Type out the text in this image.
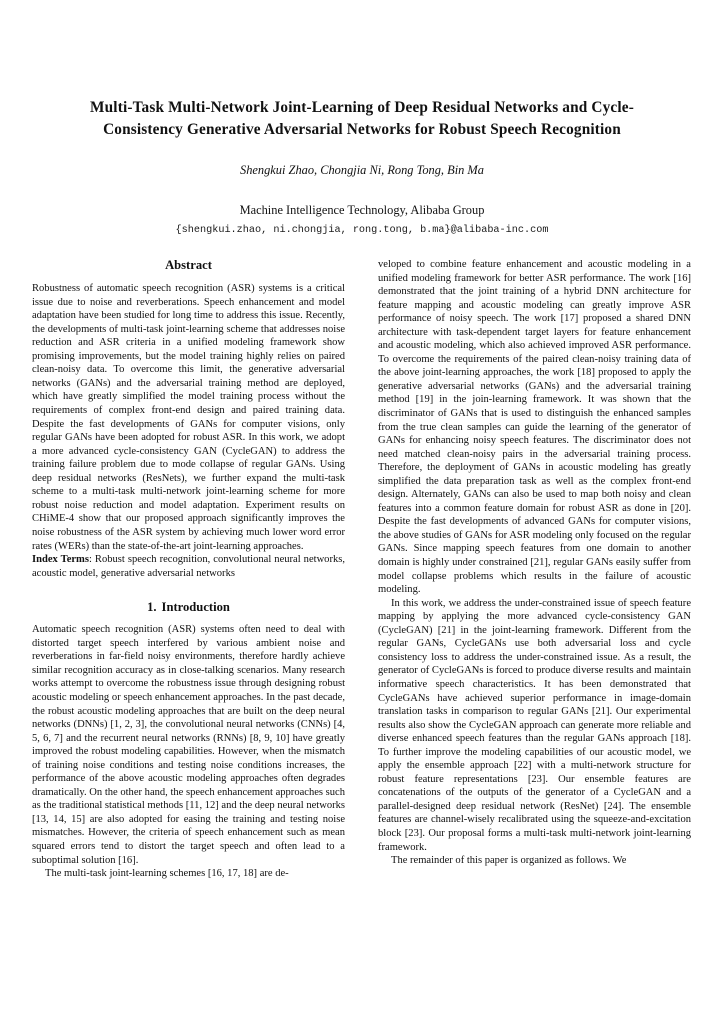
Multi-Task Multi-Network Joint-Learning of Deep Residual Networks and Cycle-Consistency Generative Adversarial Networks for Robust Speech Recognition
Shengkui Zhao, Chongjia Ni, Rong Tong, Bin Ma
Machine Intelligence Technology, Alibaba Group
{shengkui.zhao, ni.chongjia, rong.tong, b.ma}@alibaba-inc.com
Abstract

Robustness of automatic speech recognition (ASR) systems is a critical issue due to noise and reverberations. Speech enhancement and model adaptation have been studied for long time to address this issue. Recently, the developments of multi-task joint-learning scheme that addresses noise reduction and ASR criteria in a unified modeling framework show promising improvements, but the model training highly relies on paired clean-noisy data. To overcome this limit, the generative adversarial networks (GANs) and the adversarial training method are deployed, which have greatly simplified the model training process without the requirements of complex front-end design and paired training data. Despite the fast developments of GANs for computer visions, only regular GANs have been adopted for robust ASR. In this work, we adopt a more advanced cycle-consistency GAN (CycleGAN) to address the training failure problem due to mode collapse of regular GANs. Using deep residual networks (ResNets), we further expand the multi-task scheme to a multi-task multi-network joint-learning scheme for more robust noise reduction and model adaptation. Experiment results on CHiME-4 show that our proposed approach significantly improves the noise robustness of the ASR system by achieving much lower word error rates (WERs) than the state-of-the-art joint-learning approaches.

Index Terms: Robust speech recognition, convolutional neural networks, acoustic model, generative adversarial networks

1. Introduction

Automatic speech recognition (ASR) systems often need to deal with distorted target speech interfered by various ambient noise and reverberations in far-field noisy environments, therefore hardly achieve similar recognition accuracy as in close-talking scenarios. Many research works attempt to overcome the robustness issue through designing robust acoustic modeling or speech enhancement approaches. In the past decade, the robust acoustic modeling approaches that are built on the deep neural networks (DNNs) [1, 2, 3], the convolutional neural networks (CNNs) [4, 5, 6, 7] and the recurrent neural networks (RNNs) [8, 9, 10] have greatly improved the robust modeling capabilities. However, when the mismatch of training noise conditions and testing noise conditions increases, the performance of the above acoustic modeling approaches often degrades dramatically. On the other hand, the speech enhancement approaches such as the traditional statistical methods [11, 12] and the deep neural networks [13, 14, 15] are also adopted for easing the training and testing noise mismatches. However, the criteria of speech enhancement such as mean squared errors tend to distort the target speech and often lead to a suboptimal solution [16].

The multi-task joint-learning schemes [16, 17, 18] are de-

veloped to combine feature enhancement and acoustic modeling in a unified modeling framework for better ASR performance. The work [16] demonstrated that the joint training of a hybrid DNN architecture for feature mapping and acoustic modeling can greatly improve ASR performance of noisy speech. The work [17] proposed a shared DNN architecture with task-dependent target layers for feature enhancement and acoustic modeling, which also achieved improved ASR performance. To overcome the requirements of the paired clean-noisy training data of the above joint-learning approaches, the work [18] proposed to apply the generative adversarial networks (GANs) and the adversarial training method [19] in the join-learning framework. It was shown that the discriminator of GANs that is used to distinguish the enhanced samples from the true clean samples can guide the learning of the generator of GANs for enhancing noisy speech features. The discriminator does not need matched clean-noisy pairs in the adversarial training process. Therefore, the deployment of GANs in acoustic modeling has greatly simplified the data preparation task as well as the complex front-end design. Alternately, GANs can also be used to map both noisy and clean features into a common feature domain for robust ASR as done in [20]. Despite the fast developments of advanced GANs for computer visions, the above studies of GANs for ASR modeling only focused on the regular GANs. Since mapping speech features from one domain to another domain is highly under constrained [21], regular GANs easily suffer from model collapse problems which results in the failure of acoustic modeling.

In this work, we address the under-constrained issue of speech feature mapping by applying the more advanced cycle-consistency GAN (CycleGAN) [21] in the joint-learning framework. Different from the regular GANs, CycleGANs use both adversarial loss and cycle consistency loss to address the under-constrained issue. As a result, the generator of CycleGANs is forced to produce diverse results and maintain informative speech characteristics. It has been demonstrated that CycleGANs have achieved superior performance in image-domain translation tasks in comparison to regular GANs [21]. Our experimental results also show the CycleGAN approach can generate more reliable and diverse enhanced speech features than the regular GANs approach [18]. To further improve the modeling capabilities of our acoustic model, we apply the ensemble approach [22] with a multi-network structure for robust feature representations [23]. Our ensemble features are concatenations of the outputs of the generator of a CycleGAN and a parallel-designed deep residual network (ResNet) [24]. The ensemble features are channel-wisely recalibrated using the squeeze-and-excitation block [23]. Our proposal forms a multi-task multi-network joint-learning framework.

The remainder of this paper is organized as follows. We
